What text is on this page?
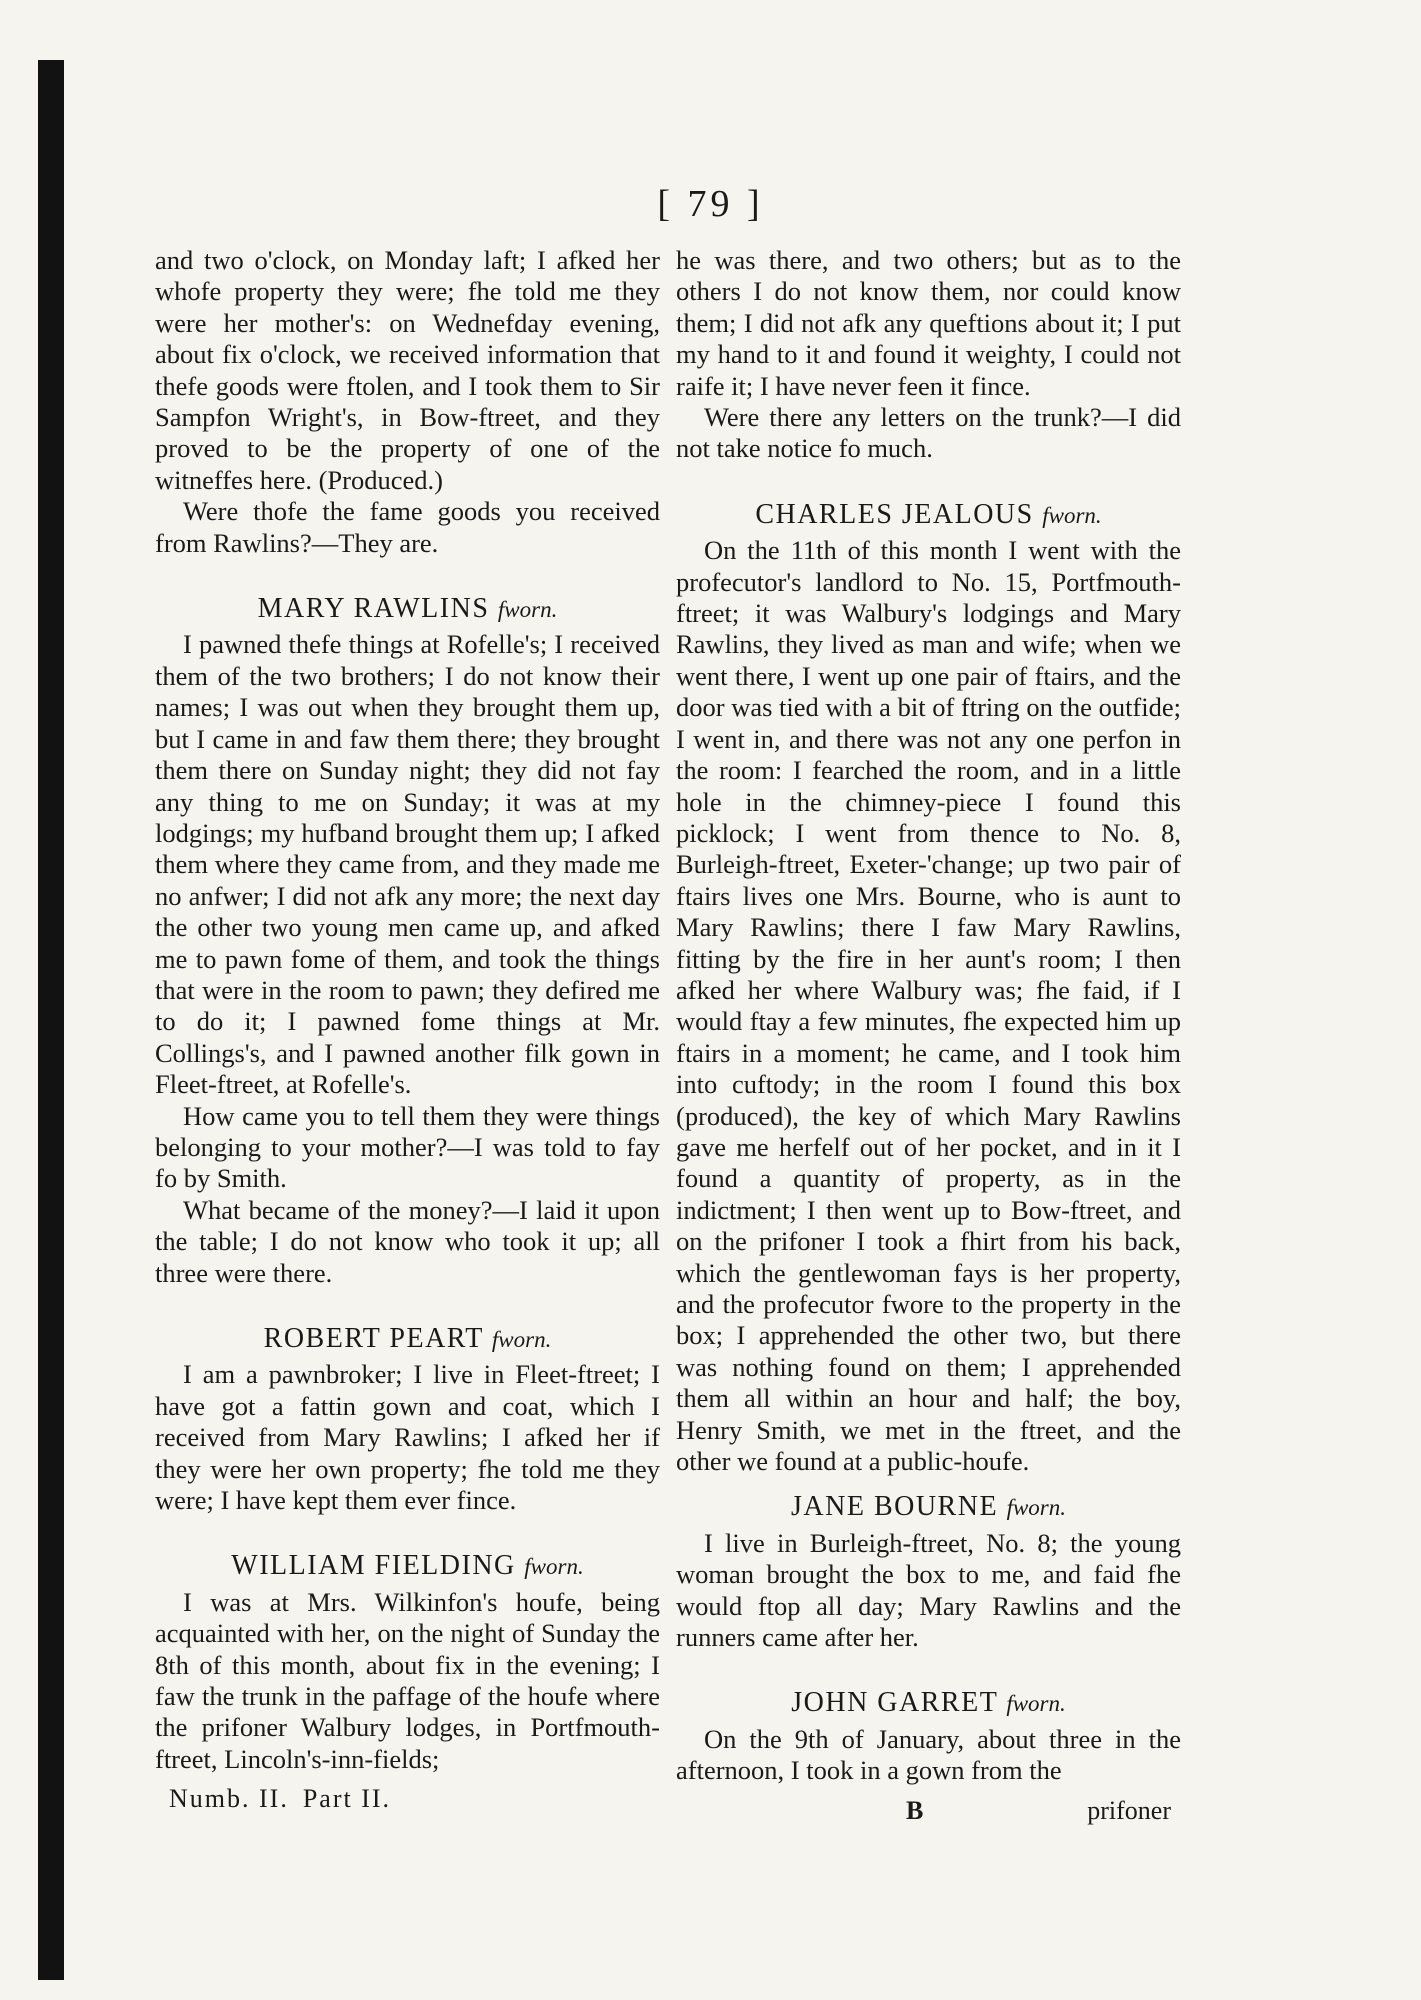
[ 79 ]

and two o'clock, on Monday laft; I afked her whofe property they were; fhe told me they were her mother's: on Wednefday evening, about fix o'clock, we received information that thefe goods were ftolen, and I took them to Sir Sampfon Wright's, in Bow-ftreet, and they proved to be the property of one of the witneffes here. (Produced.)

Were thofe the fame goods you received from Rawlins?—They are.

MARY RAWLINS fworn.

I pawned thefe things at Rofelle's; I received them of the two brothers; I do not know their names; I was out when they brought them up, but I came in and faw them there; they brought them there on Sunday night; they did not fay any thing to me on Sunday; it was at my lodgings; my hufband brought them up; I afked them where they came from, and they made me no anfwer; I did not afk any more; the next day the other two young men came up, and afked me to pawn fome of them, and took the things that were in the room to pawn; they defired me to do it; I pawned fome things at Mr. Collings's, and I pawned another filk gown in Fleet-ftreet, at Rofelle's.

How came you to tell them they were things belonging to your mother?—I was told to fay fo by Smith.

What became of the money?—I laid it upon the table; I do not know who took it up; all three were there.

ROBERT PEART fworn.

I am a pawnbroker; I live in Fleet-ftreet; I have got a fattin gown and coat, which I received from Mary Rawlins; I afked her if they were her own property; fhe told me they were; I have kept them ever fince.

WILLIAM FIELDING fworn.

I was at Mrs. Wilkinfon's houfe, being acquainted with her, on the night of Sunday the 8th of this month, about fix in the evening; I faw the trunk in the paffage of the houfe where the prifoner Walbury lodges, in Portfmouth-ftreet, Lincoln's-inn-fields;

Numb. II. Part II.

he was there, and two others; but as to the others I do not know them, nor could know them; I did not afk any queftions about it; I put my hand to it and found it weighty, I could not raife it; I have never feen it fince.

Were there any letters on the trunk?—I did not take notice fo much.

CHARLES JEALOUS fworn.

On the 11th of this month I went with the profecutor's landlord to No. 15, Portfmouth-ftreet; it was Walbury's lodgings and Mary Rawlins, they lived as man and wife; when we went there, I went up one pair of ftairs, and the door was tied with a bit of ftring on the outfide; I went in, and there was not any one perfon in the room: I fearched the room, and in a little hole in the chimney-piece I found this picklock; I went from thence to No. 8, Burleigh-ftreet, Exeter-'change; up two pair of ftairs lives one Mrs. Bourne, who is aunt to Mary Rawlins; there I faw Mary Rawlins, fitting by the fire in her aunt's room; I then afked her where Walbury was; fhe faid, if I would ftay a few minutes, fhe expected him up ftairs in a moment; he came, and I took him into cuftody; in the room I found this box (produced), the key of which Mary Rawlins gave me herfelf out of her pocket, and in it I found a quantity of property, as in the indictment; I then went up to Bow-ftreet, and on the prifoner I took a fhirt from his back, which the gentlewoman fays is her property, and the profecutor fwore to the property in the box; I apprehended the other two, but there was nothing found on them; I apprehended them all within an hour and half; the boy, Henry Smith, we met in the ftreet, and the other we found at a public-houfe.

JANE BOURNE fworn.

I live in Burleigh-ftreet, No. 8; the young woman brought the box to me, and faid fhe would ftop all day; Mary Rawlins and the runners came after her.

JOHN GARRET fworn.

On the 9th of January, about three in the afternoon, I took in a gown from the

B	prifoner
